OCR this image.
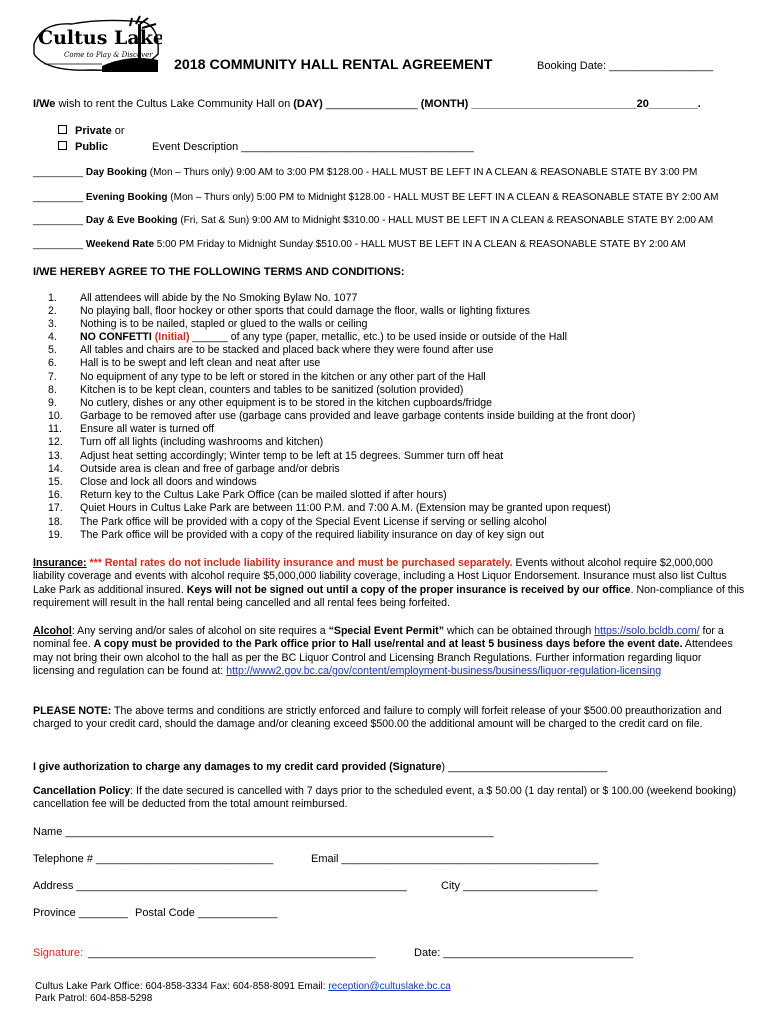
Cultus Lake
Come to Play & Discover
2018 COMMUNITY HALL RENTAL AGREEMENT	Booking Date: _________________
I/We wish to rent the Cultus Lake Community Hall on (DAY) _______________ (MONTH) ___________________________20________.
Private or
Public	Event Description ______________________________________
_________ Day Booking (Mon – Thurs only) 9:00 AM to 3:00 PM $128.00 - HALL MUST BE LEFT IN A CLEAN & REASONABLE STATE BY 3:00 PM
_________ Evening Booking (Mon – Thurs only) 5:00 PM to Midnight $128.00 - HALL MUST BE LEFT IN A CLEAN & REASONABLE STATE BY 2:00 AM
_________ Day & Eve Booking (Fri, Sat & Sun) 9:00 AM to Midnight $310.00 - HALL MUST BE LEFT IN A CLEAN & REASONABLE STATE BY 2:00 AM
_________ Weekend Rate 5:00 PM Friday to Midnight Sunday $510.00 - HALL MUST BE LEFT IN A CLEAN & REASONABLE STATE BY 2:00 AM
I/WE HEREBY AGREE TO THE FOLLOWING TERMS AND CONDITIONS:
1. All attendees will abide by the No Smoking Bylaw No. 1077
2. No playing ball, floor hockey or other sports that could damage the floor, walls or lighting fixtures
3. Nothing is to be nailed, stapled or glued to the walls or ceiling
4. NO CONFETTI (Initial) ______ of any type (paper, metallic, etc.) to be used inside or outside of the Hall
5. All tables and chairs are to be stacked and placed back where they were found after use
6. Hall is to be swept and left clean and neat after use
7. No equipment of any type to be left or stored in the kitchen or any other part of the Hall
8. Kitchen is to be kept clean, counters and tables to be sanitized (solution provided)
9. No cutlery, dishes or any other equipment is to be stored in the kitchen cupboards/fridge
10. Garbage to be removed after use (garbage cans provided and leave garbage contents inside building at the front door)
11. Ensure all water is turned off
12. Turn off all lights (including washrooms and kitchen)
13. Adjust heat setting accordingly; Winter temp to be left at 15 degrees. Summer turn off heat
14. Outside area is clean and free of garbage and/or debris
15. Close and lock all doors and windows
16. Return key to the Cultus Lake Park Office (can be mailed slotted if after hours)
17. Quiet Hours in Cultus Lake Park are between 11:00 P.M. and 7:00 A.M. (Extension may be granted upon request)
18. The Park office will be provided with a copy of the Special Event License if serving or selling alcohol
19. The Park office will be provided with a copy of the required liability insurance on day of key sign out
Insurance: *** Rental rates do not include liability insurance and must be purchased separately. Events without alcohol require $2,000,000 liability coverage and events with alcohol require $5,000,000 liability coverage, including a Host Liquor Endorsement. Insurance must also list Cultus Lake Park as additional insured. Keys will not be signed out until a copy of the proper insurance is received by our office. Non-compliance of this requirement will result in the hall rental being cancelled and all rental fees being forfeited.
Alcohol: Any serving and/or sales of alcohol on site requires a “Special Event Permit” which can be obtained through https://solo.bcldb.com/ for a nominal fee. A copy must be provided to the Park office prior to Hall use/rental and at least 5 business days before the event date. Attendees may not bring their own alcohol to the hall as per the BC Liquor Control and Licensing Branch Regulations. Further information regarding liquor licensing and regulation can be found at: http://www2.gov.bc.ca/gov/content/employment-business/business/liquor-regulation-licensing
PLEASE NOTE: The above terms and conditions are strictly enforced and failure to comply will forfeit release of your $500.00 preauthorization and charged to your credit card, should the damage and/or cleaning exceed $500.00 the additional amount will be charged to the credit card on file.
I give authorization to charge any damages to my credit card provided (Signature) ___________________________
Cancellation Policy: If the date secured is cancelled with 7 days prior to the scheduled event, a $ 50.00 (1 day rental) or $ 100.00 (weekend booking) cancellation fee will be deducted from the total amount reimbursed.
Name ______________________________________________________________________
Telephone # _____________________________	Email __________________________________________
Address ______________________________________________________	City ______________________
Province ________ Postal Code _____________
Signature: _______________________________________________	Date: _______________________________
Cultus Lake Park Office: 604-858-3334 Fax: 604-858-8091 Email: reception@cultuslake.bc.ca
Park Patrol: 604-858-5298
